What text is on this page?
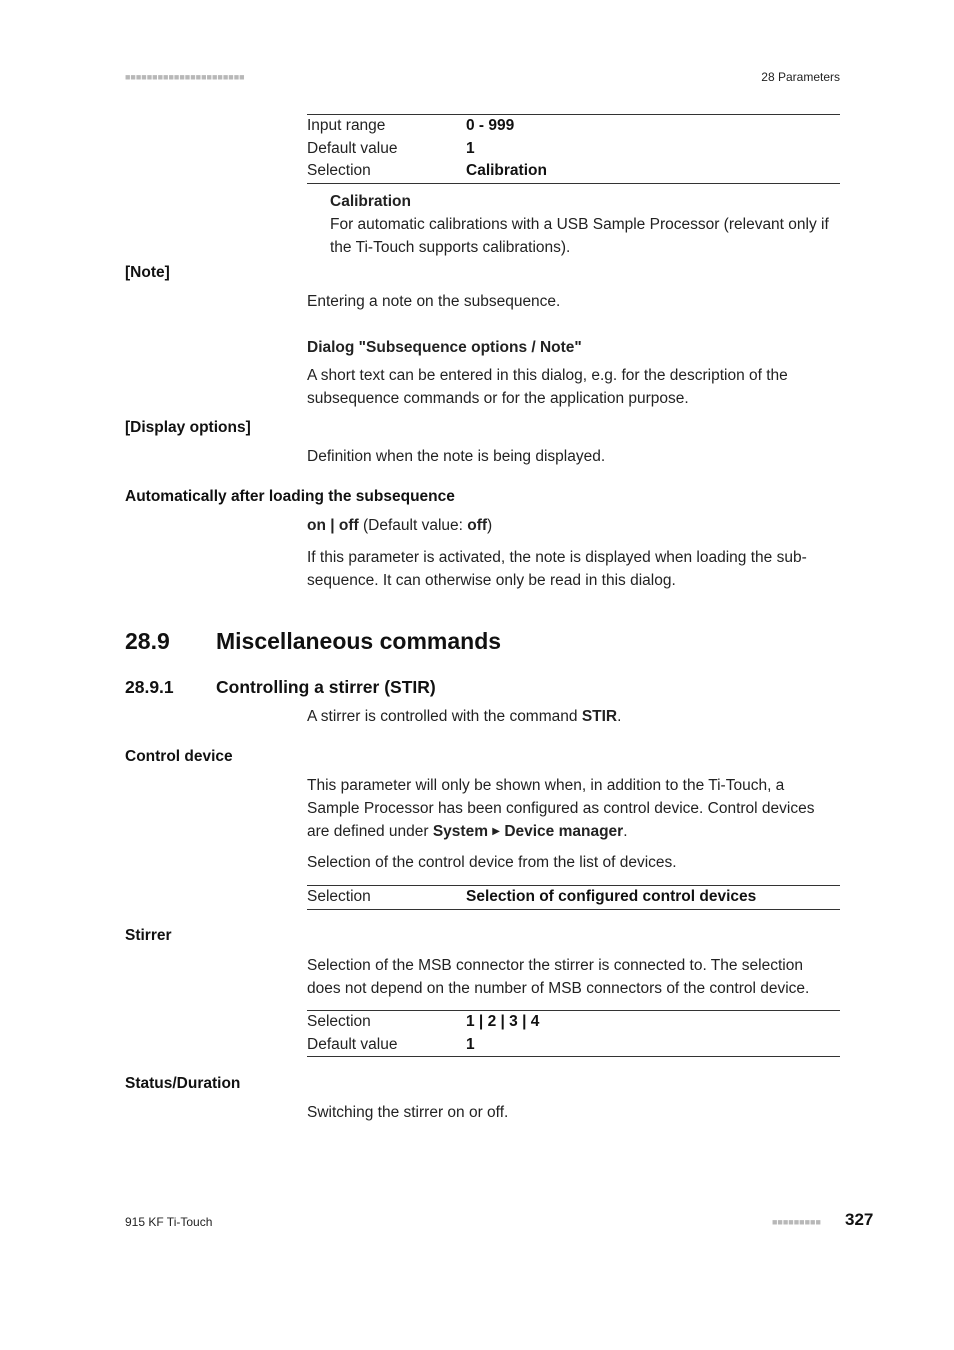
■■■■■■■■■■■■■■■■■■■■■■	28 Parameters
Input range	0 - 999
Default value	1
Selection	Calibration
Calibration
For automatic calibrations with a USB Sample Processor (relevant only if the Ti-Touch supports calibrations).
[Note]
Entering a note on the subsequence.
Dialog "Subsequence options / Note"
A short text can be entered in this dialog, e.g. for the description of the subsequence commands or for the application purpose.
[Display options]
Definition when the note is being displayed.
Automatically after loading the subsequence
on | off (Default value: off)
If this parameter is activated, the note is displayed when loading the subsequence. It can otherwise only be read in this dialog.
28.9 Miscellaneous commands
28.9.1 Controlling a stirrer (STIR)
A stirrer is controlled with the command STIR.
Control device
This parameter will only be shown when, in addition to the Ti-Touch, a Sample Processor has been configured as control device. Control devices are defined under System ▶ Device manager.
Selection of the control device from the list of devices.
Selection	Selection of configured control devices
Stirrer
Selection of the MSB connector the stirrer is connected to. The selection does not depend on the number of MSB connectors of the control device.
Selection	1 | 2 | 3 | 4
Default value	1
Status/Duration
Switching the stirrer on or off.
915 KF Ti-Touch	■■■■■■■■■ 327
